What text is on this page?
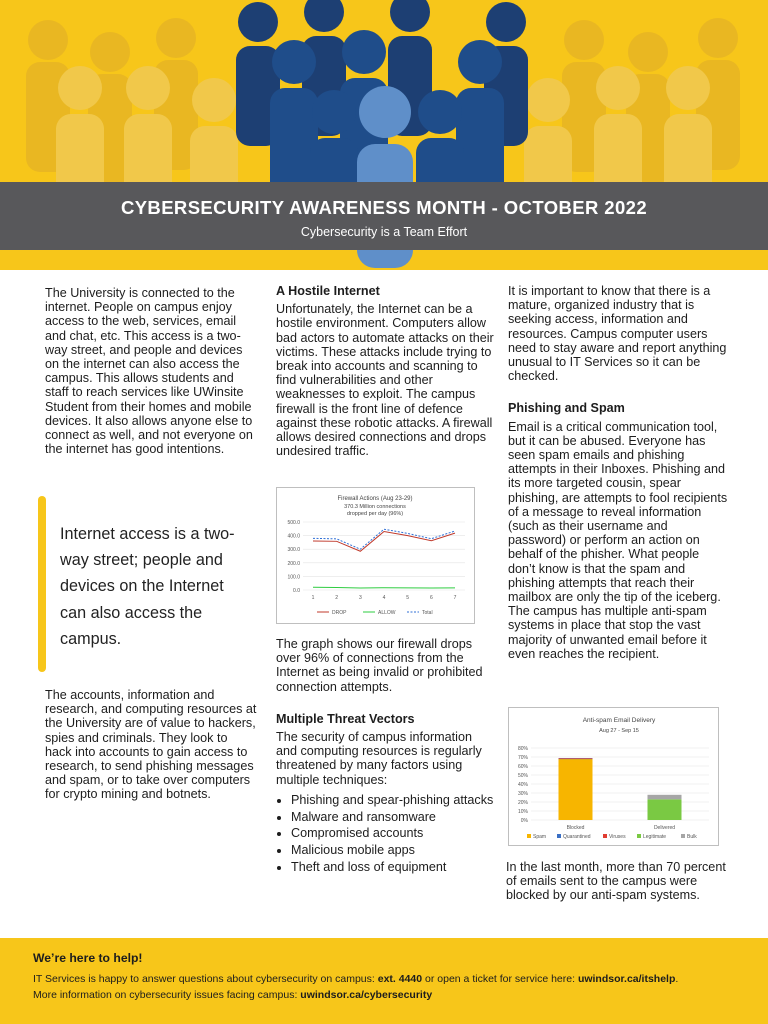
CYBERSECURITY AWARENESS MONTH - OCTOBER 2022
Cybersecurity is a Team Effort

The University is connected to the internet. People on campus enjoy access to the web, services, email and chat, etc. This access is a two-way street, and people and devices on the internet can also access the campus. This allows students and staff to reach services like UWinsite Student from their homes and mobile devices. It also allows anyone else to connect as well, and not everyone on the internet has good intentions.

Internet access is a two-way street; people and devices on the Internet can also access the campus.

The accounts, information and research, and computing resources at the University are of value to hackers, spies and criminals. They look to hack into accounts to gain access to research, to send phishing messages and spam, or to take over computers for crypto mining and botnets.

A Hostile Internet

Unfortunately, the Internet can be a hostile environment. Computers allow bad actors to automate attacks on their victims. These attacks include trying to break into accounts and scanning to find vulnerabilities and other weaknesses to exploit. The campus firewall is the front line of defence against these robotic attacks. A firewall allows desired connections and drops undesired traffic.

Firewall Actions (Aug 23-29)
370.3 Million connections
dropped per day (96%)
0.0
100.0
200.0
300.0
400.0
500.0
1	2	3	4	5	6	7
DROP	ALLOW	Total

The graph shows our firewall drops over 96% of connections from the Internet as being invalid or prohibited connection attempts.

Multiple Threat Vectors

The security of campus information

and computing resources is regularly threatened by many factors using multiple techniques:

• Phishing and spear-phishing attacks
• Malware and ransomware
• Compromised accounts
• Malicious mobile apps
• Theft and loss of equipment

It is important to know that there is a mature, organized industry that is seeking access, information and resources. Campus computer users need to stay aware and report anything unusual to IT Services so it can be checked.

Phishing and Spam

Email is a critical communication tool, but it can be abused. Everyone has seen spam emails and phishing attempts in their Inboxes. Phishing and its more targeted cousin, spear phishing, are attempts to fool recipients of a message to reveal information (such as their username and password) or perform an action on behalf of the phisher. What people don’t know is that the spam and phishing attempts that reach their mailbox are only the tip of the iceberg. The campus has multiple anti-spam systems in place that stop the vast majority of unwanted email before it even reaches the recipient.

Anti-spam Email Delivery
Aug 27 - Sep 15
0%
10%
20%
30%
40%
50%
60%
70%
80%
Blocked	Delivered
Spam	Quarantined	Viruses	Legitimate	Bulk

In the last month, more than 70 percent of emails sent to the campus were blocked by our anti-spam systems.

We’re here to help!
IT Services is happy to answer questions about cybersecurity on campus: ext. 4440 or open a ticket for service here: uwindsor.ca/itshelp.
More information on cybersecurity issues facing campus: uwindsor.ca/cybersecurity
